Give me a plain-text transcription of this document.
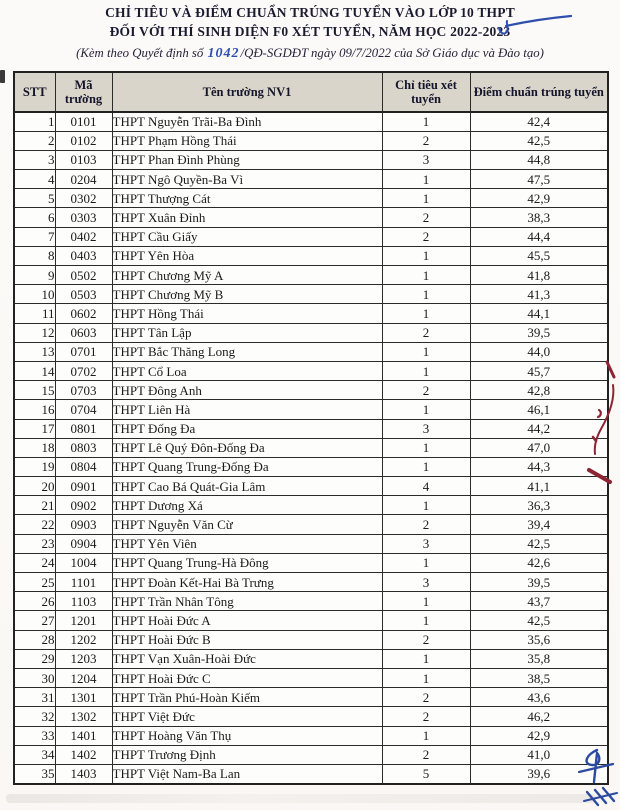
CHỈ TIÊU VÀ ĐIỂM CHUẨN TRÚNG TUYỂN VÀO LỚP 10 THPT
ĐỐI VỚI THÍ SINH DIỆN F0 XÉT TUYỂN, NĂM HỌC 2022-2023
(Kèm theo Quyết định số 1042/QĐ-SGDĐT ngày 09/7/2022 của Sở Giáo dục và Đào tạo)
STT	Mã trường	Tên trường NV1	Chỉ tiêu xét tuyển	Điểm chuẩn trúng tuyển
1	0101	THPT Nguyễn Trãi-Ba Đình	1	42,4
2	0102	THPT Phạm Hồng Thái	2	42,5
3	0103	THPT Phan Đình Phùng	3	44,8
4	0204	THPT Ngô Quyền-Ba Vì	1	47,5
5	0302	THPT Thượng Cát	1	42,9
6	0303	THPT Xuân Đỉnh	2	38,3
7	0402	THPT Cầu Giấy	2	44,4
8	0403	THPT Yên Hòa	1	45,5
9	0502	THPT Chương Mỹ A	1	41,8
10	0503	THPT Chương Mỹ B	1	41,3
11	0602	THPT Hồng Thái	1	44,1
12	0603	THPT Tân Lập	2	39,5
13	0701	THPT Bắc Thăng Long	1	44,0
14	0702	THPT Cổ Loa	1	45,7
15	0703	THPT Đông Anh	2	42,8
16	0704	THPT Liên Hà	1	46,1
17	0801	THPT Đống Đa	3	44,2
18	0803	THPT Lê Quý Đôn-Đống Đa	1	47,0
19	0804	THPT Quang Trung-Đống Đa	1	44,3
20	0901	THPT Cao Bá Quát-Gia Lâm	4	41,1
21	0902	THPT Dương Xá	1	36,3
22	0903	THPT Nguyễn Văn Cừ	2	39,4
23	0904	THPT Yên Viên	3	42,5
24	1004	THPT Quang Trung-Hà Đông	1	42,6
25	1101	THPT Đoàn Kết-Hai Bà Trưng	3	39,5
26	1103	THPT Trần Nhân Tông	1	43,7
27	1201	THPT Hoài Đức A	1	42,5
28	1202	THPT Hoài Đức B	2	35,6
29	1203	THPT Vạn Xuân-Hoài Đức	1	35,8
30	1204	THPT Hoài Đức C	1	38,5
31	1301	THPT Trần Phú-Hoàn Kiếm	2	43,6
32	1302	THPT Việt Đức	2	46,2
33	1401	THPT Hoàng Văn Thụ	1	42,9
34	1402	THPT Trương Định	2	41,0
35	1403	THPT Việt Nam-Ba Lan	5	39,6
